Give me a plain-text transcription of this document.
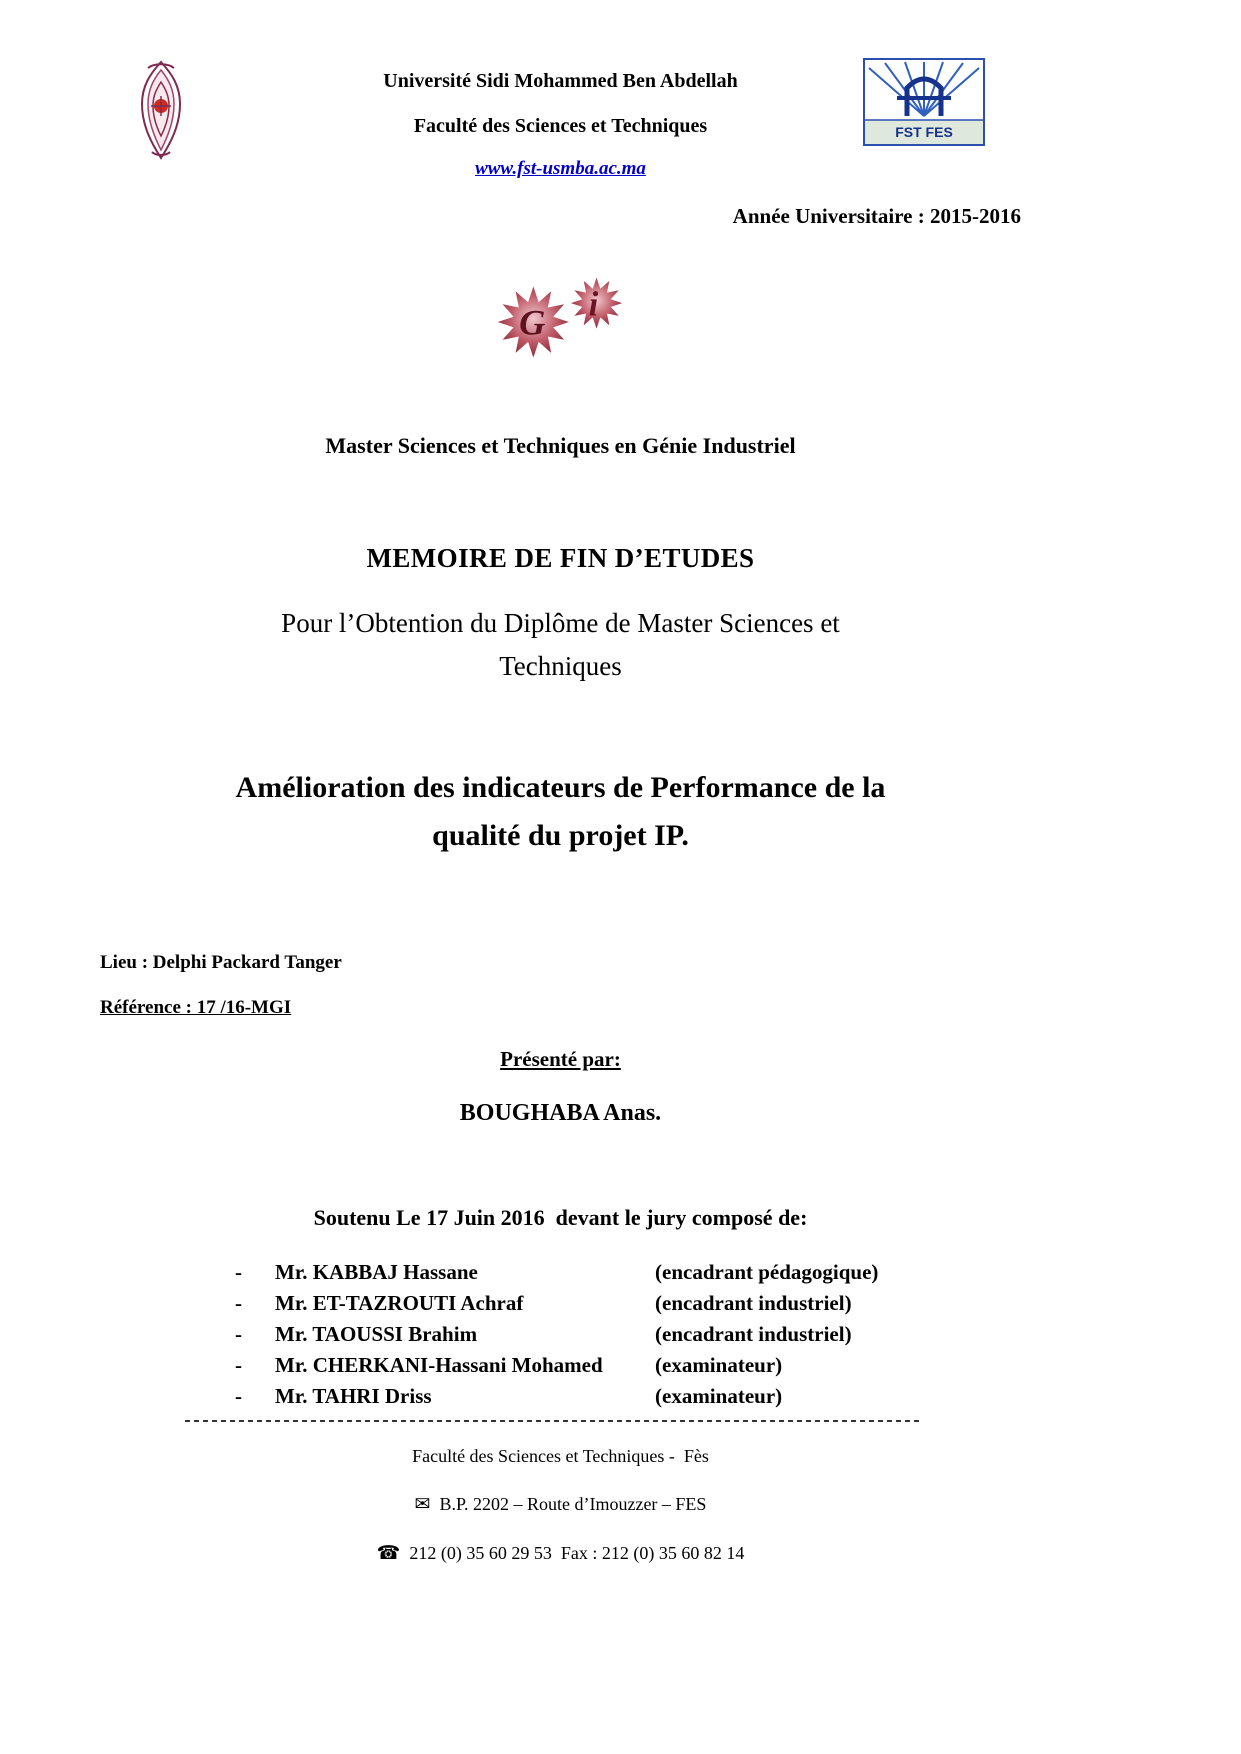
FST FES
Université Sidi Mohammed Ben Abdellah
Faculté des Sciences et Techniques
www.fst-usmba.ac.ma
Année Universitaire : 2015-2016
G i
Master Sciences et Techniques en Génie Industriel
MEMOIRE DE FIN D’ETUDES
Pour l’Obtention du Diplôme de Master Sciences et
Techniques
Amélioration des indicateurs de Performance de la
qualité du projet IP.
Lieu : Delphi Packard Tanger
Référence : 17 /16-MGI
Présenté par:
BOUGHABA Anas.
Soutenu Le 17 Juin 2016  devant le jury composé de:
-	Mr. KABBAJ Hassane	(encadrant pédagogique)
-	Mr. ET-TAZROUTI Achraf	(encadrant industriel)
-	Mr. TAOUSSI Brahim	(encadrant industriel)
-	Mr. CHERKANI-Hassani Mohamed	(examinateur)
-	Mr. TAHRI Driss	(examinateur)
Faculté des Sciences et Techniques -  Fès
✉ B.P. 2202 – Route d’Imouzzer – FES
☎ 212 (0) 35 60 29 53  Fax : 212 (0) 35 60 82 14
